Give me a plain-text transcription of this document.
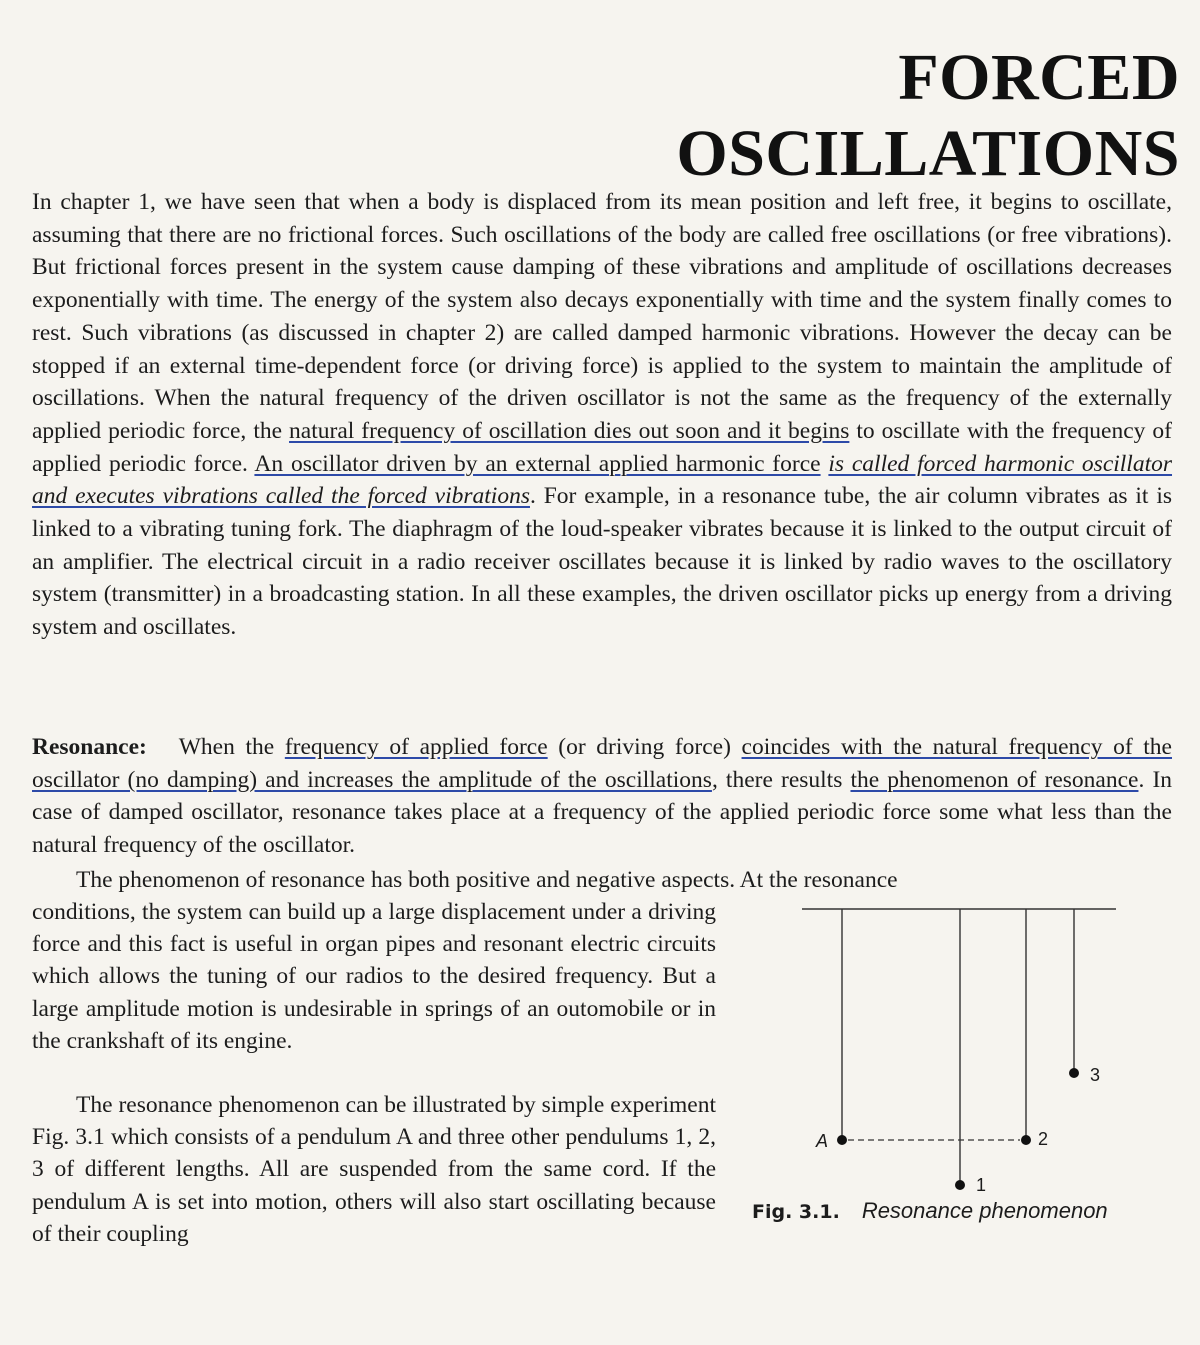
FORCED OSCILLATIONS
In chapter 1, we have seen that when a body is displaced from its mean position and left free, it begins to oscillate, assuming that there are no frictional forces. Such oscillations of the body are called free oscillations (or free vibrations). But frictional forces present in the system cause damping of these vibrations and amplitude of oscillations decreases exponentially with time. The energy of the system also decays exponentially with time and the system finally comes to rest. Such vibrations (as discussed in chapter 2) are called damped harmonic vibrations. However the decay can be stopped if an external time-dependent force (or driving force) is applied to the system to maintain the amplitude of oscillations. When the natural frequency of the driven oscillator is not the same as the frequency of the externally applied periodic force, the natural frequency of oscillation dies out soon and it begins to oscillate with the frequency of applied periodic force. An oscillator driven by an external applied harmonic force is called forced harmonic oscillator and executes vibrations called the forced vibrations. For example, in a resonance tube, the air column vibrates as it is linked to a vibrating tuning fork. The diaphragm of the loud-speaker vibrates because it is linked to the output circuit of an amplifier. The electrical circuit in a radio receiver oscillates because it is linked by radio waves to the oscillatory system (transmitter) in a broadcasting station. In all these examples, the driven oscillator picks up energy from a driving system and oscillates.
Resonance: When the frequency of applied force (or driving force) coincides with the natural frequency of the oscillator (no damping) and increases the amplitude of the oscillations, there results the phenomenon of resonance. In case of damped oscillator, resonance takes place at a frequency of the applied periodic force some what less than the natural frequency of the oscillator.
The phenomenon of resonance has both positive and negative aspects. At the resonance
conditions, the system can build up a large displacement under a driving force and this fact is useful in organ pipes and resonant electric circuits which allows the tuning of our radios to the desired frequency. But a large amplitude motion is undesirable in springs of an outomobile or in the crankshaft of its engine.
The resonance phenomenon can be illustrated by simple experiment Fig. 3.1 which consists of a pendulum A and three other pendulums 1, 2, 3 of different lengths. All are suspended from the same cord. If the pendulum A is set into motion, others will also start oscillating because of their coupling
A
1
2
3
Fig. 3.1. Resonance phenomenon
